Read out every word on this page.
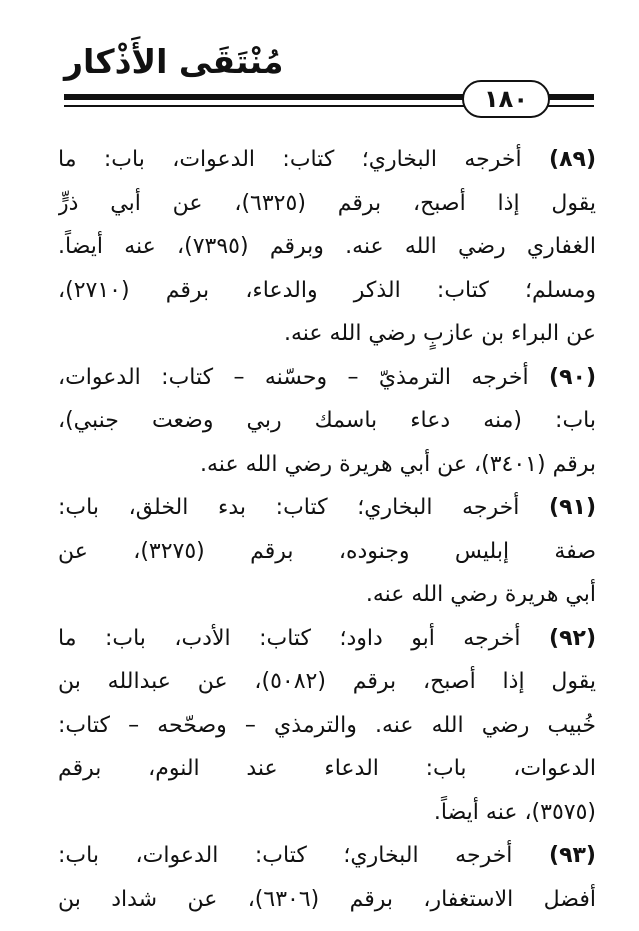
مُنْتَقَى الأَذْكار
١٨٠
(٨٩) أخرجه البخاري؛ كتاب: الدعوات، باب: ما
يقول إذا أصبح، برقم (٦٣٢٥)، عن أبي ذرٍّ
الغفاري رضي الله عنه. وبرقم (٧٣٩٥)، عنه أيضاً.
ومسلم؛ كتاب: الذكر والدعاء، برقم (٢٧١٠)،
عن البراء بن عازبٍ رضي الله عنه.
(٩٠) أخرجه الترمذيّ – وحسّنه – كتاب: الدعوات،
باب: (منه دعاء باسمك ربي وضعت جنبي)،
برقم (٣٤٠١)، عن أبي هريرة رضي الله عنه.
(٩١) أخرجه البخاري؛ كتاب: بدء الخلق، باب:
صفة إبليس وجنوده، برقم (٣٢٧٥)، عن
أبي هريرة رضي الله عنه.
(٩٢) أخرجه أبو داود؛ كتاب: الأدب، باب: ما
يقول إذا أصبح، برقم (٥٠٨٢)، عن عبدالله بن
خُبيب رضي الله عنه. والترمذي – وصحّحه – كتاب:
الدعوات، باب: الدعاء عند النوم، برقم
(٣٥٧٥)، عنه أيضاً.
(٩٣) أخرجه البخاري؛ كتاب: الدعوات، باب:
أفضل الاستغفار، برقم (٦٣٠٦)، عن شداد بن
